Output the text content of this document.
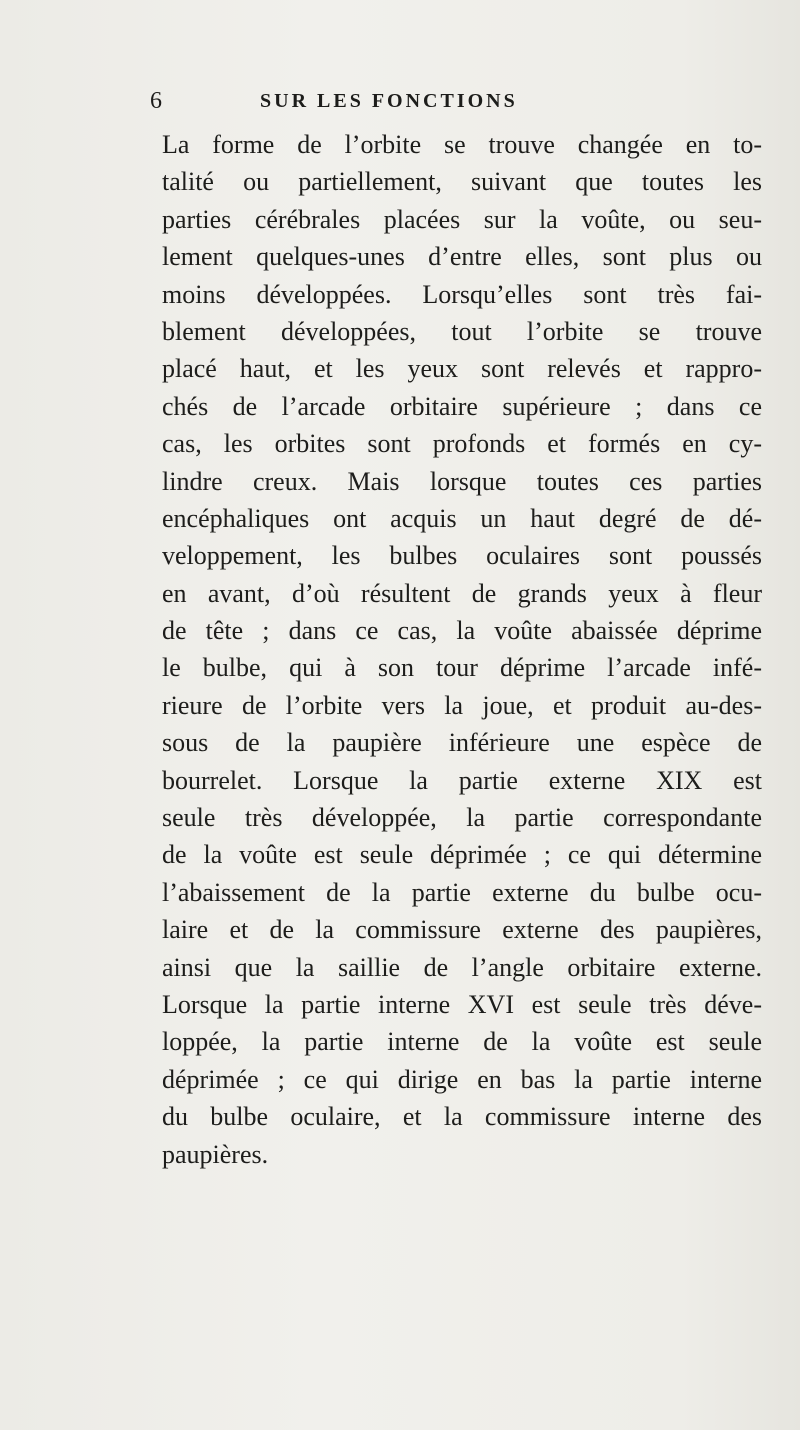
6	SUR LES FONCTIONS
La forme de l’orbite se trouve changée en to-
talité ou partiellement, suivant que toutes les
parties cérébrales placées sur la voûte, ou seu-
lement quelques-unes d’entre elles, sont plus ou
moins développées. Lorsqu’elles sont très fai-
blement développées, tout l’orbite se trouve
placé haut, et les yeux sont relevés et rappro-
chés de l’arcade orbitaire supérieure ; dans ce
cas, les orbites sont profonds et formés en cy-
lindre creux. Mais lorsque toutes ces parties
encéphaliques ont acquis un haut degré de dé-
veloppement, les bulbes oculaires sont poussés
en avant, d’où résultent de grands yeux à fleur
de tête ; dans ce cas, la voûte abaissée déprime
le bulbe, qui à son tour déprime l’arcade infé-
rieure de l’orbite vers la joue, et produit au-des-
sous de la paupière inférieure une espèce de
bourrelet. Lorsque la partie externe XIX est
seule très développée, la partie correspondante
de la voûte est seule déprimée ; ce qui détermine
l’abaissement de la partie externe du bulbe ocu-
laire et de la commissure externe des paupières,
ainsi que la saillie de l’angle orbitaire externe.
Lorsque la partie interne XVI est seule très déve-
loppée, la partie interne de la voûte est seule
déprimée ; ce qui dirige en bas la partie interne
du bulbe oculaire, et la commissure interne des
paupières.
